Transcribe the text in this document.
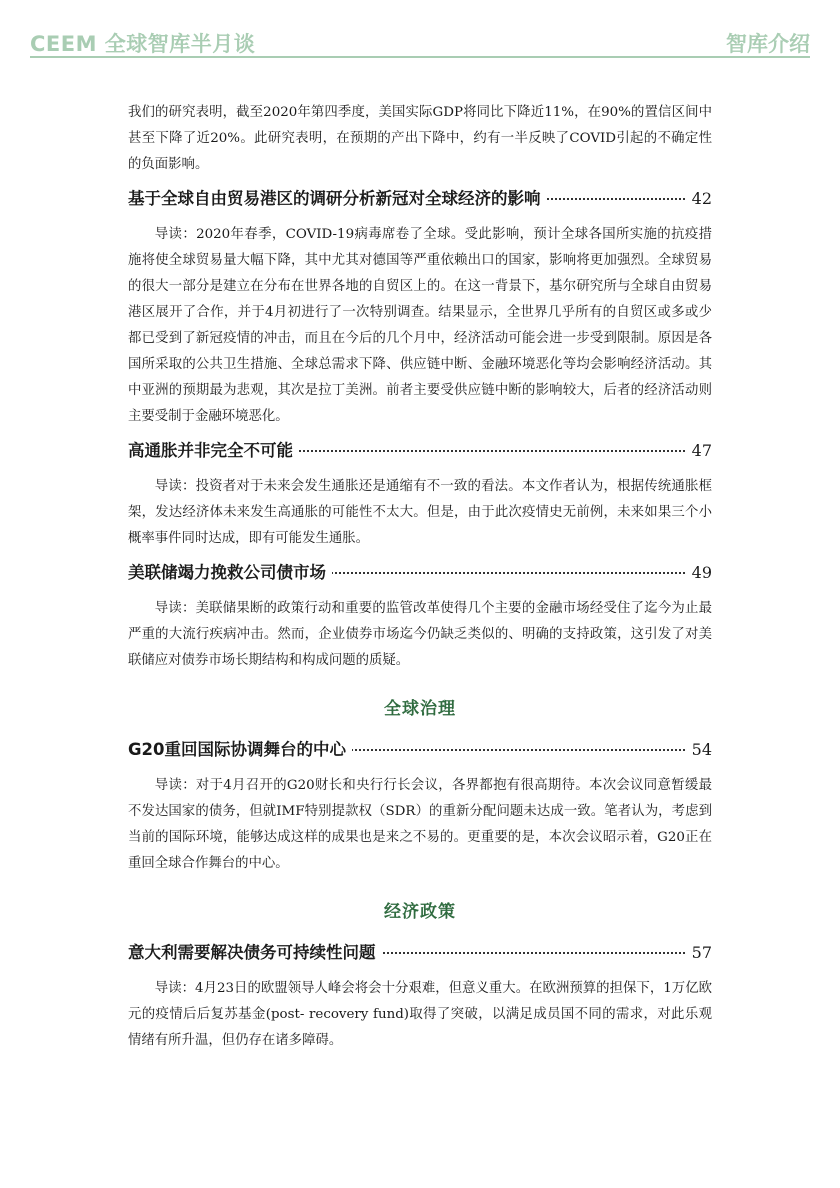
CEEM 全球智库半月谈	智库介绍

我们的研究表明，截至2020年第四季度，美国实际GDP将同比下降近11%，在90%的置信区间中甚至下降了近20%。此研究表明，在预期的产出下降中，约有一半反映了COVID引起的不确定性的负面影响。

基于全球自由贸易港区的调研分析新冠对全球经济的影响	42

导读：2020年春季，COVID-19病毒席卷了全球。受此影响，预计全球各国所实施的抗疫措施将使全球贸易量大幅下降，其中尤其对德国等严重依赖出口的国家，影响将更加强烈。全球贸易的很大一部分是建立在分布在世界各地的自贸区上的。在这一背景下，基尔研究所与全球自由贸易港区展开了合作，并于4月初进行了一次特别调查。结果显示，全世界几乎所有的自贸区或多或少都已受到了新冠疫情的冲击，而且在今后的几个月中，经济活动可能会进一步受到限制。原因是各国所采取的公共卫生措施、全球总需求下降、供应链中断、金融环境恶化等均会影响经济活动。其中亚洲的预期最为悲观，其次是拉丁美洲。前者主要受供应链中断的影响较大，后者的经济活动则主要受制于金融环境恶化。

高通胀并非完全不可能	47

导读：投资者对于未来会发生通胀还是通缩有不一致的看法。本文作者认为，根据传统通胀框架，发达经济体未来发生高通胀的可能性不太大。但是，由于此次疫情史无前例，未来如果三个小概率事件同时达成，即有可能发生通胀。

美联储竭力挽救公司债市场	49

导读：美联储果断的政策行动和重要的监管改革使得几个主要的金融市场经受住了迄今为止最严重的大流行疾病冲击。然而，企业债券市场迄今仍缺乏类似的、明确的支持政策，这引发了对美联储应对债券市场长期结构和构成问题的质疑。

全球治理
G20重回国际协调舞台的中心	54

导读：对于4月召开的G20财长和央行行长会议，各界都抱有很高期待。本次会议同意暂缓最不发达国家的债务，但就IMF特别提款权（SDR）的重新分配问题未达成一致。笔者认为，考虑到当前的国际环境，能够达成这样的成果也是来之不易的。更重要的是，本次会议昭示着，G20正在重回全球合作舞台的中心。

经济政策
意大利需要解决债务可持续性问题	57

导读：4月23日的欧盟领导人峰会将会十分艰难，但意义重大。在欧洲预算的担保下，1万亿欧元的疫情后后复苏基金(post- recovery fund)取得了突破，以满足成员国不同的需求，对此乐观情绪有所升温，但仍存在诸多障碍。
